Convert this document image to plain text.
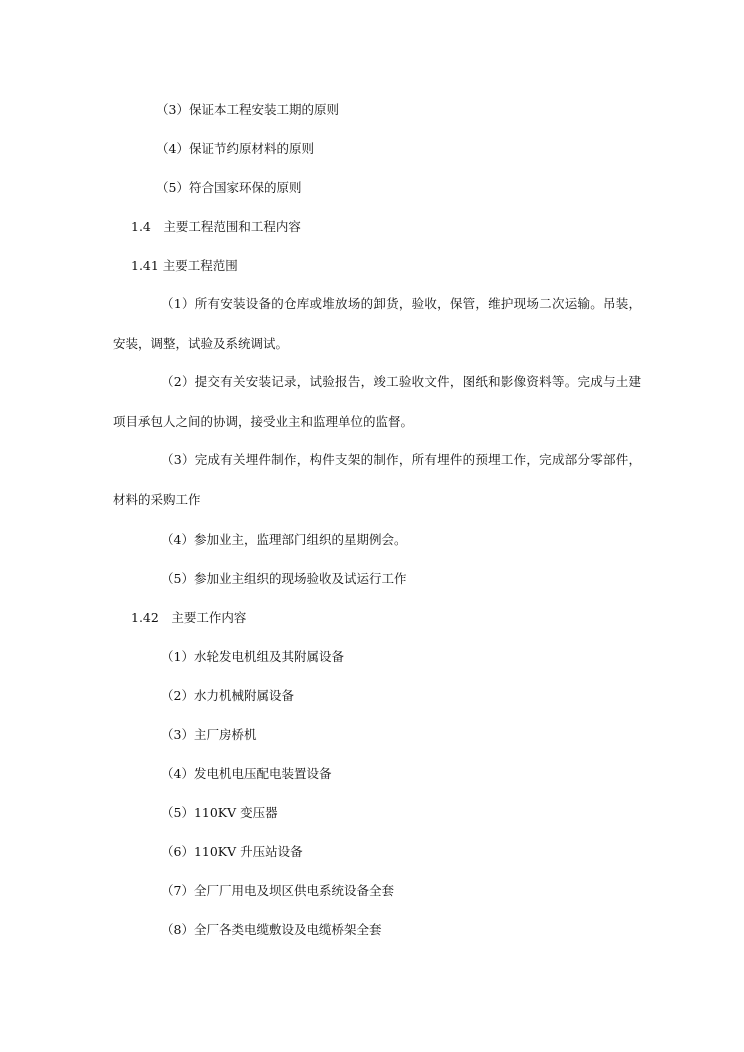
（3）保证本工程安装工期的原则
（4）保证节约原材料的原则
（5）符合国家环保的原则
1.4　主要工程范围和工程内容
1.41 主要工程范围
（1）所有安装设备的仓库或堆放场的卸货，验收，保管，维护现场二次运输。吊装，安装，调整，试验及系统调试。
（2）提交有关安装记录，试验报告，竣工验收文件，图纸和影像资料等。完成与土建项目承包人之间的协调，接受业主和监理单位的监督。
（3）完成有关埋件制作，构件支架的制作，所有埋件的预埋工作，完成部分零部件，材料的采购工作
（4）参加业主，监理部门组织的星期例会。
（5）参加业主组织的现场验收及试运行工作
1.42　主要工作内容
（1）水轮发电机组及其附属设备
（2）水力机械附属设备
（3）主厂房桥机
（4）发电机电压配电装置设备
（5）110KV 变压器
（6）110KV 升压站设备
（7）全厂厂用电及坝区供电系统设备全套
（8）全厂各类电缆敷设及电缆桥架全套
